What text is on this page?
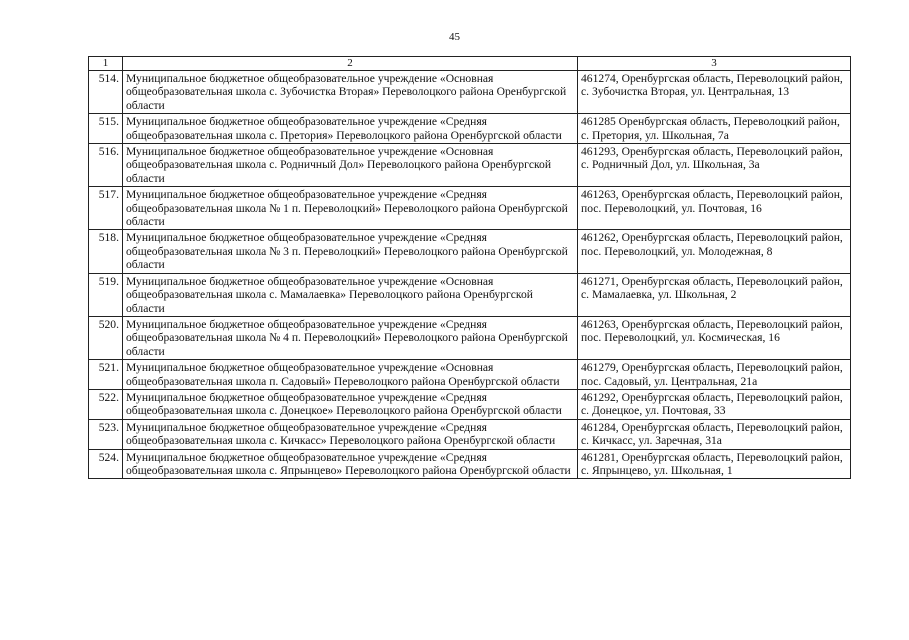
45
1	2	3
514.	Муниципальное бюджетное общеобразовательное учреждение «Основная общеобразовательная школа с. Зубочистка Вторая» Переволоцкого района Оренбургской области	461274, Оренбургская область, Переволоцкий район, с. Зубочистка Вторая, ул. Центральная, 13
515.	Муниципальное бюджетное общеобразовательное учреждение «Средняя общеобразовательная школа с. Претория» Переволоцкого района Оренбургской области	461285 Оренбургская область, Переволоцкий район, с. Претория, ул. Школьная, 7а
516.	Муниципальное бюджетное общеобразовательное учреждение «Основная общеобразовательная школа с. Родничный Дол» Переволоцкого района Оренбургской области	461293, Оренбургская область, Переволоцкий район, с. Родничный Дол, ул. Школьная, 3а
517.	Муниципальное бюджетное общеобразовательное учреждение «Средняя общеобразовательная школа № 1 п. Переволоцкий» Переволоцкого района Оренбургской области	461263, Оренбургская область, Переволоцкий район, пос. Переволоцкий, ул. Почтовая, 16
518.	Муниципальное бюджетное общеобразовательное учреждение «Средняя общеобразовательная школа № 3 п. Переволоцкий» Переволоцкого района Оренбургской области	461262, Оренбургская область, Переволоцкий район, пос. Переволоцкий, ул. Молодежная, 8
519.	Муниципальное бюджетное общеобразовательное учреждение «Основная общеобразовательная школа с. Мамалаевка» Переволоцкого района Оренбургской области	461271, Оренбургская область, Переволоцкий район, с. Мамалаевка, ул. Школьная, 2
520.	Муниципальное бюджетное общеобразовательное учреждение «Средняя общеобразовательная школа № 4 п. Переволоцкий» Переволоцкого района Оренбургской области	461263, Оренбургская область, Переволоцкий район, пос. Переволоцкий, ул. Космическая, 16
521.	Муниципальное бюджетное общеобразовательное учреждение «Основная общеобразовательная школа п. Садовый» Переволоцкого района Оренбургской области	461279, Оренбургская область, Переволоцкий район, пос. Садовый, ул. Центральная, 21а
522.	Муниципальное бюджетное общеобразовательное учреждение «Средняя общеобразовательная школа с. Донецкое» Переволоцкого района Оренбургской области	461292, Оренбургская область, Переволоцкий район, с. Донецкое, ул. Почтовая, 33
523.	Муниципальное бюджетное общеобразовательное учреждение «Средняя общеобразовательная школа с. Кичкасс» Переволоцкого района Оренбургской области	461284, Оренбургская область, Переволоцкий район, с. Кичкасс, ул. Заречная, 31а
524.	Муниципальное бюджетное общеобразовательное учреждение «Средняя общеобразовательная школа с. Япрынцево» Переволоцкого района Оренбургской области	461281, Оренбургская область, Переволоцкий район, с. Япрынцево, ул. Школьная, 1
